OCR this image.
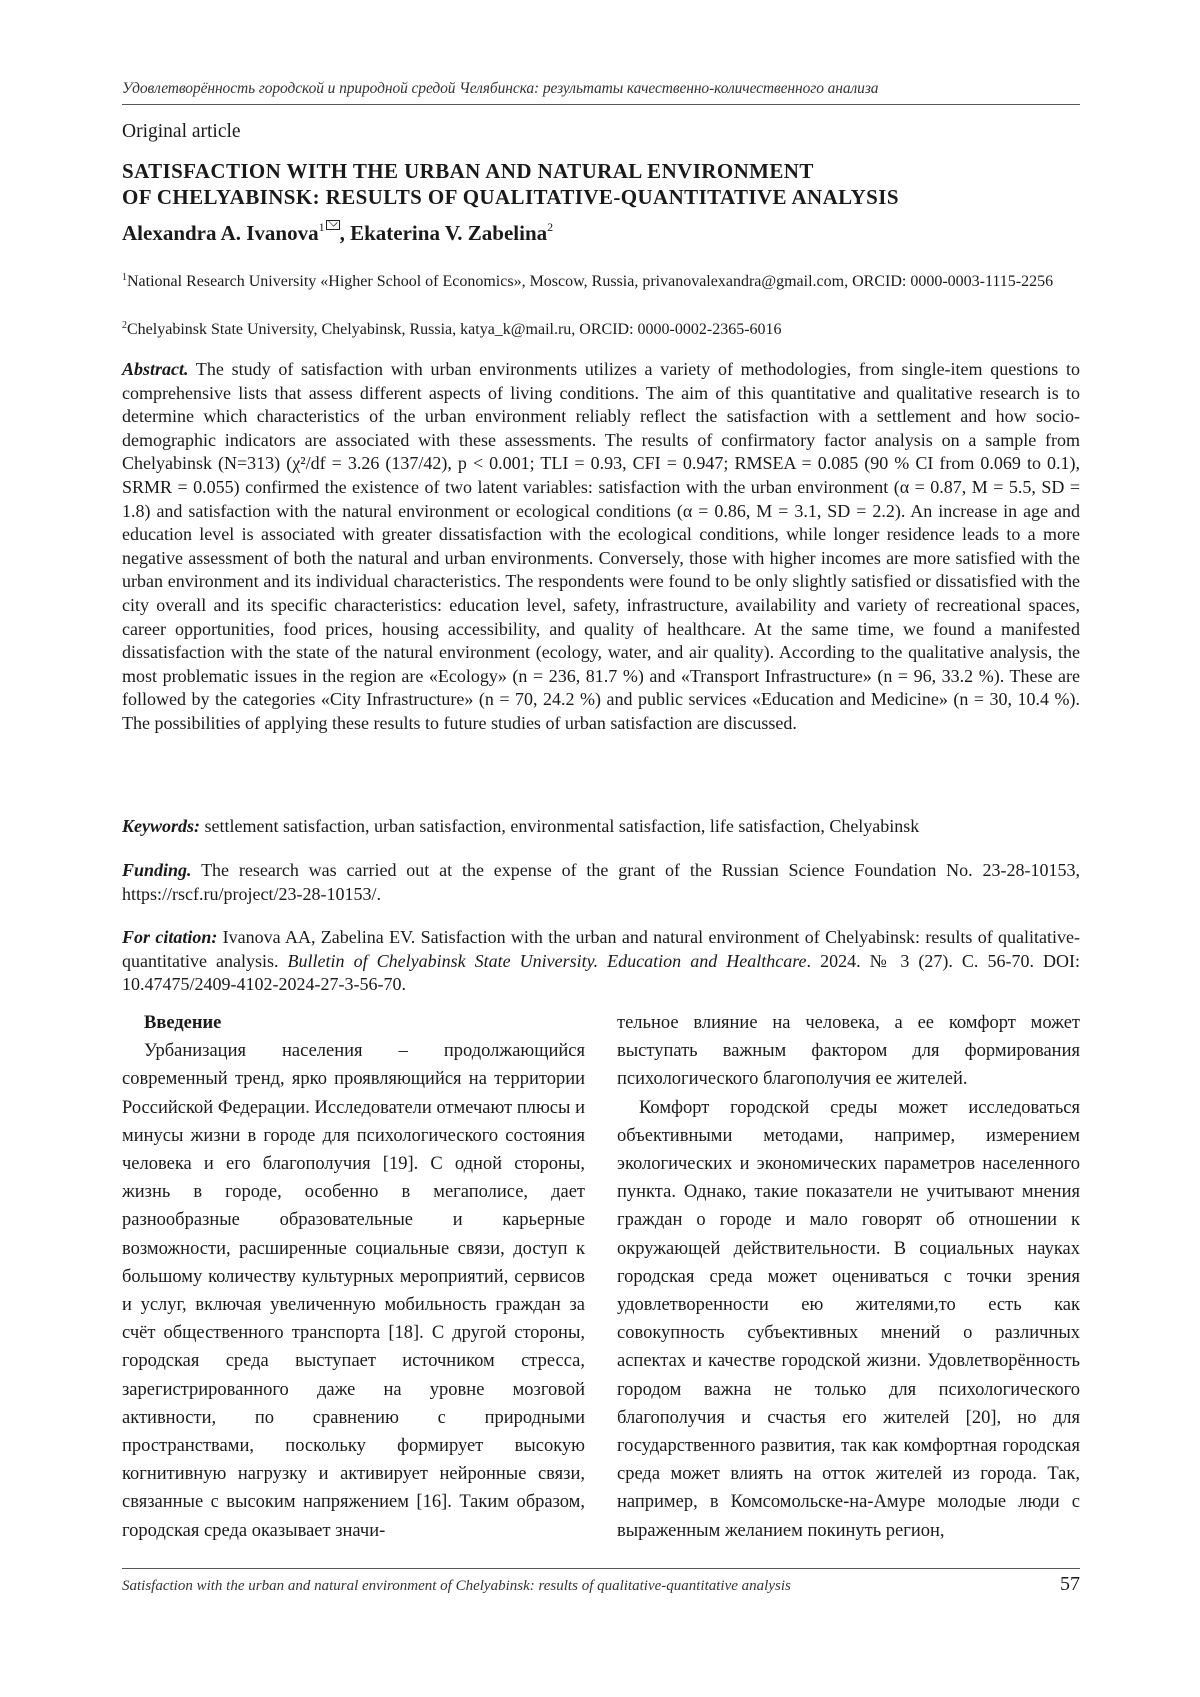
Удовлетворённость городской и природной средой Челябинска: результаты качественно-количественного анализа
Original article
SATISFACTION WITH THE URBAN AND NATURAL ENVIRONMENT
OF CHELYABINSK: RESULTS OF QUALITATIVE-QUANTITATIVE ANALYSIS
Alexandra A. Ivanova$^1$ , Ekaterina V. Zabelina$^2$
$^1$National Research University «Higher School of Economics», Moscow, Russia, privanovalexandra@gmail.com, ORCID: 0000-0003-1115-2256
$^2$Chelyabinsk State University, Chelyabinsk, Russia, katya_k@mail.ru, ORCID: 0000-0002-2365-6016
Abstract. The study of satisfaction with urban environments utilizes a variety of methodologies, from single-item questions to comprehensive lists that assess different aspects of living conditions. The aim of this quantitative and qualitative research is to determine which characteristics of the urban environment reliably reflect the satisfaction with a settlement and how socio-demographic indicators are associated with these assessments. The results of confirmatory factor analysis on a sample from Chelyabinsk (N=313) (χ²/df = 3.26 (137/42), p < 0.001; TLI = 0.93, CFI = 0.947; RMSEA = 0.085 (90 % CI from 0.069 to 0.1), SRMR = 0.055) confirmed the existence of two latent variables: satisfaction with the urban environment (α = 0.87, M = 5.5, SD = 1.8) and satisfaction with the natural environment or ecological conditions (α = 0.86, M = 3.1, SD = 2.2). An increase in age and education level is associated with greater dissatisfaction with the ecological conditions, while longer residence leads to a more negative assessment of both the natural and urban environments. Conversely, those with higher incomes are more satisfied with the urban environment and its individual characteristics. The respondents were found to be only slightly satisfied or dissatisfied with the city overall and its specific characteristics: education level, safety, infrastructure, availability and variety of recreational spaces, career opportunities, food prices, housing accessibility, and quality of healthcare. At the same time, we found a manifested dissatisfaction with the state of the natural environment (ecology, water, and air quality). According to the qualitative analysis, the most problematic issues in the region are «Ecology» (n = 236, 81.7 %) and «Transport Infrastructure» (n = 96, 33.2 %). These are followed by the categories «City Infrastructure» (n = 70, 24.2 %) and public services «Education and Medicine» (n = 30, 10.4 %). The possibilities of applying these results to future studies of urban satisfaction are discussed.
Keywords: settlement satisfaction, urban satisfaction, environmental satisfaction, life satisfaction, Chelyabinsk
Funding. The research was carried out at the expense of the grant of the Russian Science Foundation No. 23-28-10153, https://rscf.ru/project/23-28-10153/.
For citation: Ivanova AA, Zabelina EV. Satisfaction with the urban and natural environment of Chelyabinsk: results of qualitative-quantitative analysis. Bulletin of Chelyabinsk State University. Education and Healthcare. 2024. № 3 (27). С. 56-70. DOI: 10.47475/2409-4102-2024-27-3-56-70.

Введение

Урбанизация населения – продолжающийся современный тренд, ярко проявляющийся на территории Российской Федерации. Исследователи отмечают плюсы и минусы жизни в городе для психологического состояния человека и его благополучия [19]. С одной стороны, жизнь в городе, особенно в мегаполисе, дает разнообразные образовательные и карьерные возможности, расширенные социальные связи, доступ к большому количеству культурных мероприятий, сервисов и услуг, включая увеличенную мобильность граждан за счёт общественного транспорта [18]. С другой стороны, городская среда выступает источником стресса, зарегистрированного даже на уровне мозговой активности, по сравнению с природными пространствами, поскольку формирует высокую когнитивную нагрузку и активирует нейронные связи, связанные с высоким напряжением [16]. Таким образом, городская среда оказывает значи-

тельное влияние на человека, а ее комфорт может выступать важным фактором для формирования психологического благополучия ее жителей.

Комфорт городской среды может исследоваться объективными методами, например, измерением экологических и экономических параметров населенного пункта. Однако, такие показатели не учитывают мнения граждан о городе и мало говорят об отношении к окружающей действительности. В социальных науках городская среда может оцениваться с точки зрения удовлетворенности ею жителями,то есть как совокупность субъективных мнений о различных аспектах и качестве городской жизни. Удовлетворённость городом важна не только для психологического благополучия и счастья его жителей [20], но для государственного развития, так как комфортная городская среда может влиять на отток жителей из города. Так, например, в Комсомольске-на-Амуре молодые люди с выраженным желанием покинуть регион,

Satisfaction with the urban and natural environment of Chelyabinsk: results of qualitative-quantitative analysis	57
